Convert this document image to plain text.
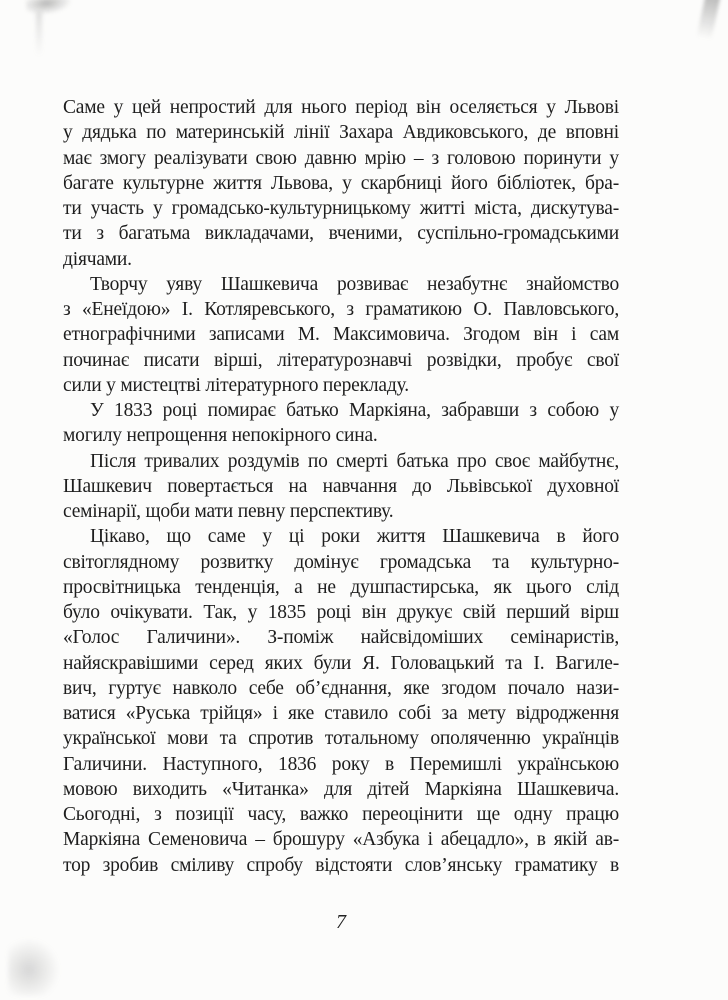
Саме у цей непростий для нього період він оселяється у Львові
у дядька по материнській лінії Захара Авдиковського, де вповні
має змогу реалізувати свою давню мрію – з головою поринути у
багате культурне життя Львова, у скарбниці його бібліотек, бра-
ти участь у громадсько-культурницькому житті міста, дискутува-
ти з багатьма викладачами, вченими, суспільно-громадськими
діячами.
Творчу уяву Шашкевича розвиває незабутнє знайомство
з «Енеїдою» І. Котляревського, з граматикою О. Павловського,
етнографічними записами М. Максимовича. Згодом він і сам
починає писати вірші, літературознавчі розвідки, пробує свої
сили у мистецтві літературного перекладу.
У 1833 році помирає батько Маркіяна, забравши з собою у
могилу непрощення непокірного сина.
Після тривалих роздумів по смерті батька про своє майбутнє,
Шашкевич повертається на навчання до Львівської духовної
семінарії, щоби мати певну перспективу.
Цікаво, що саме у ці роки життя Шашкевича в його
світоглядному розвитку домінує громадська та культурно-
просвітницька тенденція, а не душпастирська, як цього слід
було очікувати. Так, у 1835 році він друкує свій перший вірш
«Голос Галичини». З-поміж найсвідоміших семінаристів,
найяскравішими серед яких були Я. Головацький та І. Вагиле-
вич, гуртує навколо себе об’єднання, яке згодом почало нази-
ватися «Руська трійця» і яке ставило собі за мету відродження
української мови та спротив тотальному ополяченню українців
Галичини. Наступного, 1836 року в Перемишлі українською
мовою виходить «Читанка» для дітей Маркіяна Шашкевича.
Сьогодні, з позиції часу, важко переоцінити ще одну працю
Маркіяна Семеновича – брошуру «Азбука і абецадло», в якій ав-
тор зробив сміливу спробу відстояти слов’янську граматику в
7
